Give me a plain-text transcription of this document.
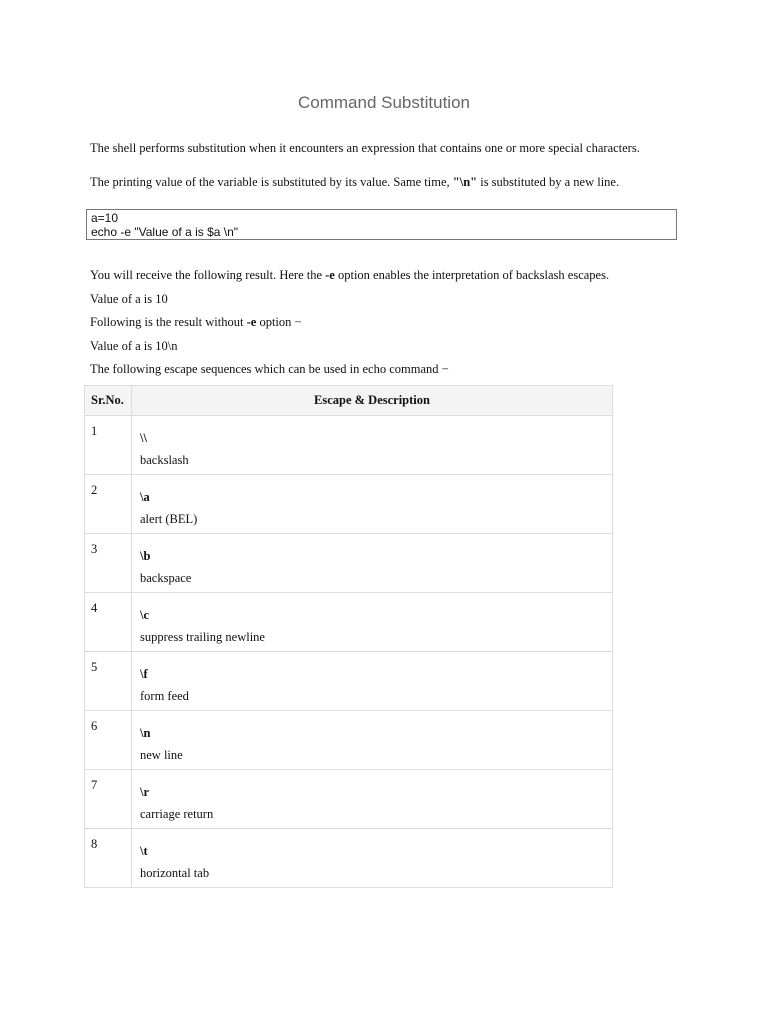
Command Substitution

The shell performs substitution when it encounters an expression that contains one or more special characters.

The printing value of the variable is substituted by its value. Same time, "\n" is substituted by a new line.

a=10
echo -e "Value of a is $a \n"

You will receive the following result. Here the -e option enables the interpretation of backslash escapes.

Value of a is 10

Following is the result without -e option −

Value of a is 10\n

The following escape sequences which can be used in echo command −

Sr.No.	Escape & Description
1	\\
backslash

2	\a
alert (BEL)

3	\b
backspace

4	\c
suppress trailing newline

5	\f
form feed

6	\n
new line

7	\r
carriage return

8	\t
horizontal tab
